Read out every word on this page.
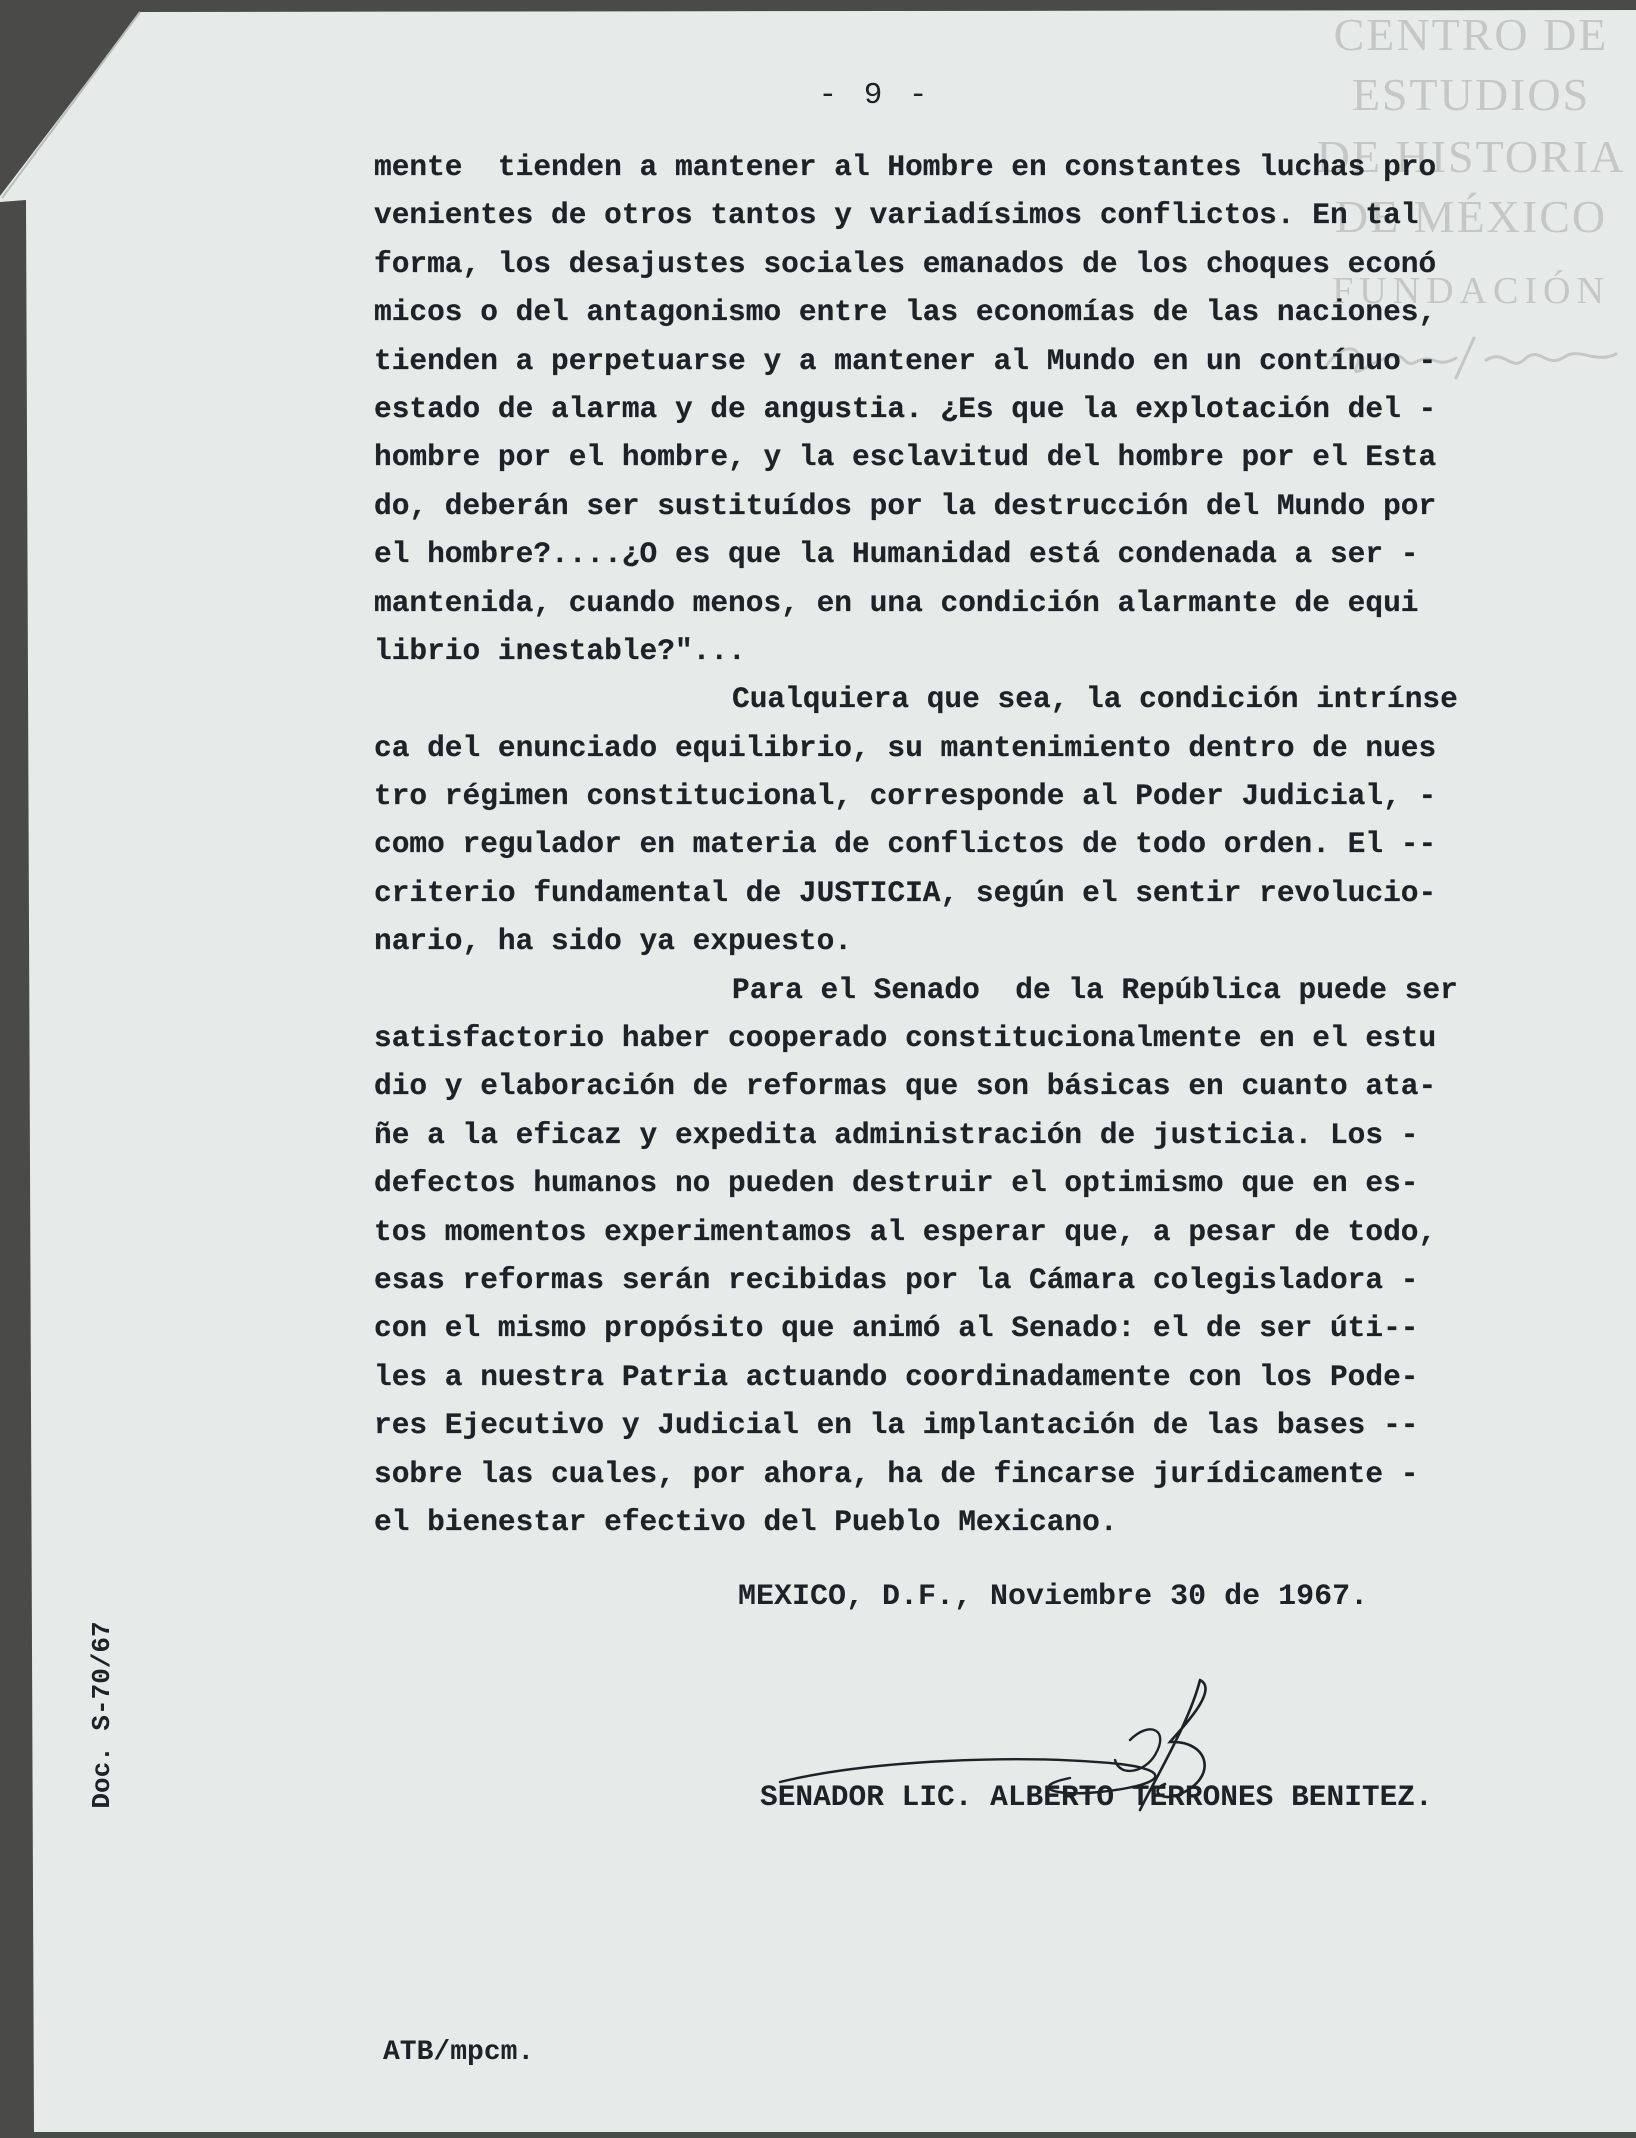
CENTRO DE
ESTUDIOS
DE HISTORIA
DE MÉXICO
FUNDACIÓN
- 9 -
mente  tienden a mantener al Hombre en constantes luchas pro
venientes de otros tantos y variadísimos conflictos. En tal
forma, los desajustes sociales emanados de los choques econó
micos o del antagonismo entre las economías de las naciones,
tienden a perpetuarse y a mantener al Mundo en un contínuo -
estado de alarma y de angustia. ¿Es que la explotación del -
hombre por el hombre, y la esclavitud del hombre por el Esta
do, deberán ser sustituídos por la destrucción del Mundo por
el hombre?....¿O es que la Humanidad está condenada a ser -
mantenida, cuando menos, en una condición alarmante de equi
librio inestable?"...
Cualquiera que sea, la condición intrínse
ca del enunciado equilibrio, su mantenimiento dentro de nues
tro régimen constitucional, corresponde al Poder Judicial, -
como regulador en materia de conflictos de todo orden. El --
criterio fundamental de JUSTICIA, según el sentir revolucio-
nario, ha sido ya expuesto.
Para el Senado  de la República puede ser
satisfactorio haber cooperado constitucionalmente en el estu
dio y elaboración de reformas que son básicas en cuanto ata-
ñe a la eficaz y expedita administración de justicia. Los -
defectos humanos no pueden destruir el optimismo que en es-
tos momentos experimentamos al esperar que, a pesar de todo,
esas reformas serán recibidas por la Cámara colegisladora -
con el mismo propósito que animó al Senado: el de ser úti--
les a nuestra Patria actuando coordinadamente con los Pode-
res Ejecutivo y Judicial en la implantación de las bases --
sobre las cuales, por ahora, ha de fincarse jurídicamente -
el bienestar efectivo del Pueblo Mexicano.
MEXICO, D.F., Noviembre 30 de 1967.
SENADOR LIC. ALBERTO TERRONES BENITEZ.
Doc. S-70/67
ATB/mpcm.
